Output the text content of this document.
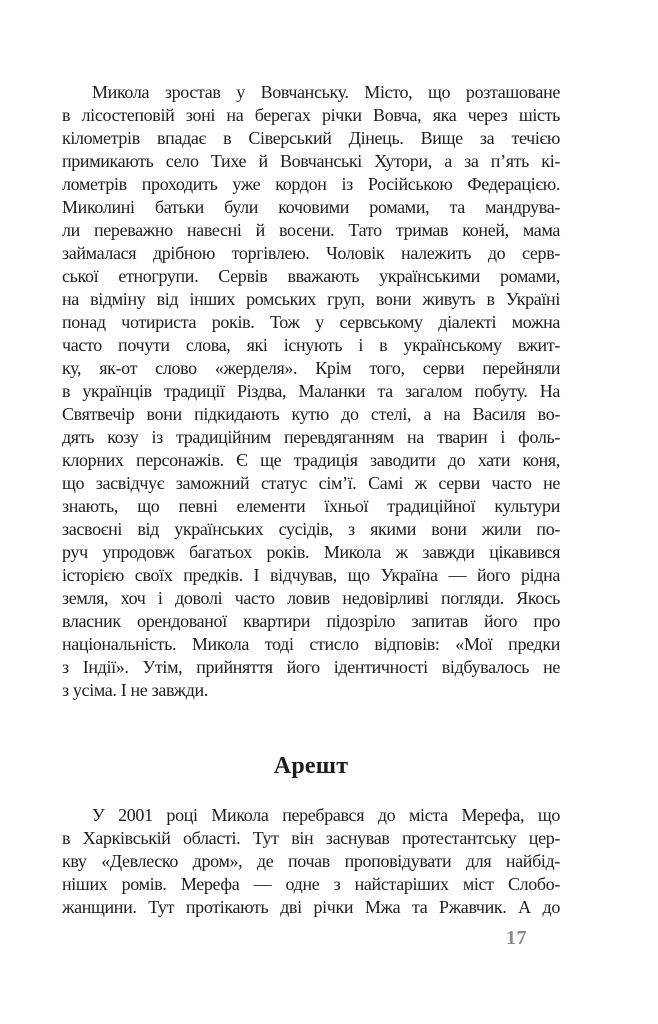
Микола зростав у Вовчанську. Місто, що розташоване
в лісостеповій зоні на берегах річки Вовча, яка через шість
кілометрів впадає в Сіверський Дінець. Вище за течією
примикають село Тихе й Вовчанські Хутори, а за п’ять кі-
лометрів проходить уже кордон із Російською Федерацією.
Миколині батьки були кочовими ромами, та мандрува-
ли переважно навесні й восени. Тато тримав коней, мама
займалася дрібною торгівлею. Чоловік належить до серв-
ської етногрупи. Сервів вважають українськими ромами,
на відміну від інших ромських груп, вони живуть в Україні
понад чотириста років. Тож у сервському діалекті можна
часто почути слова, які існують і в українському вжит-
ку, як-от слово «жерделя». Крім того, серви перейняли
в українців традиції Різдва, Маланки та загалом побуту. На
Святвечір вони підкидають кутю до стелі, а на Василя во-
дять козу із традиційним перевдяганням на тварин і фоль-
клорних персонажів. Є ще традиція заводити до хати коня,
що засвідчує заможний статус сім’ї. Самі ж серви часто не
знають, що певні елементи їхньої традиційної культури
засвоєні від українських сусідів, з якими вони жили по-
руч упродовж багатьох років. Микола ж завжди цікавився
історією своїх предків. І відчував, що Україна — його рідна
земля, хоч і доволі часто ловив недовірливі погляди. Якось
власник орендованої квартири підозріло запитав його про
національність. Микола тоді стисло відповів: «Мої предки
з Індії». Утім, прийняття його ідентичності відбувалось не
з усіма. І не завжди.
Арешт
У 2001 році Микола перебрався до міста Мерефа, що
в Харківській області. Тут він заснував протестантську цер-
кву «Девлеско дром», де почав проповідувати для найбід-
ніших ромів. Мерефа — одне з найстаріших міст Слобо-
жанщини. Тут протікають дві річки Мжа та Ржавчик. А до
17
